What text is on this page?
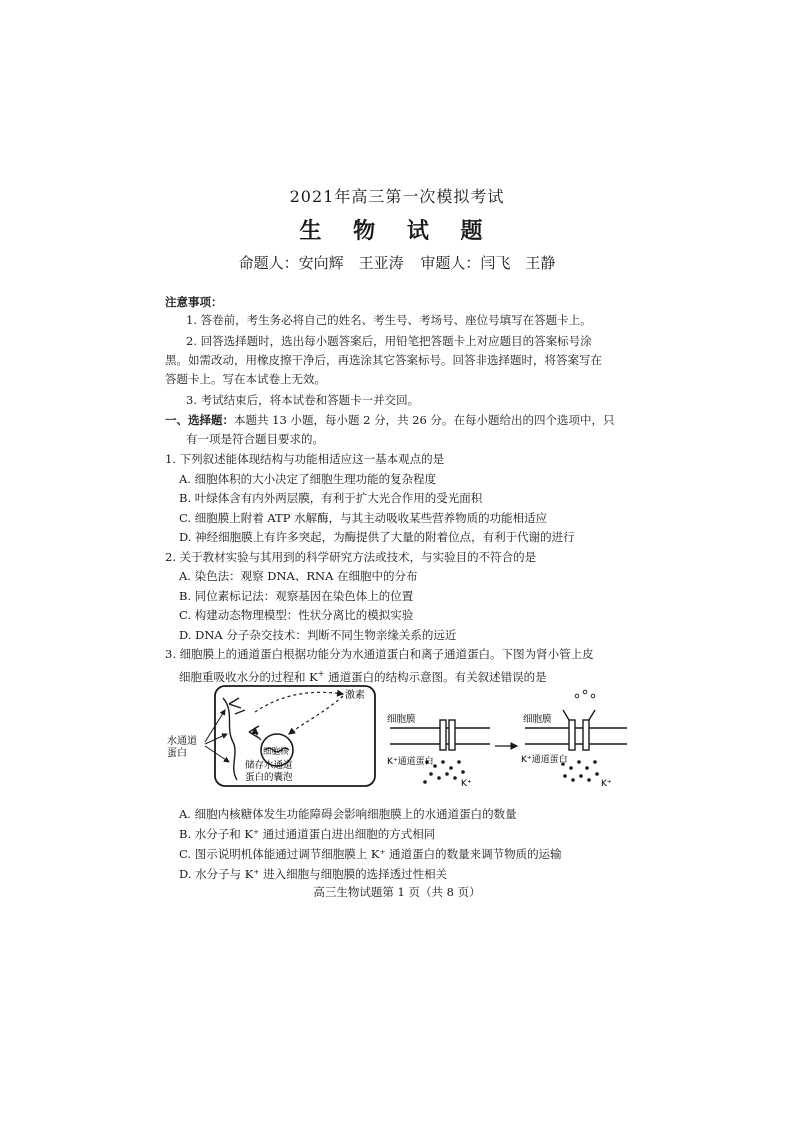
2021年高三第一次模拟考试
生 物 试 题
命题人：安向辉　王亚涛 审题人：闫飞　王静
注意事项：
1. 答卷前，考生务必将自己的姓名、考生号、考场号、座位号填写在答题卡上。
2. 回答选择题时，选出每小题答案后，用铅笔把答题卡上对应题目的答案标号涂
黑。如需改动，用橡皮擦干净后，再选涂其它答案标号。回答非选择题时，将答案写在
答题卡上。写在本试卷上无效。
3. 考试结束后，将本试卷和答题卡一并交回。
一、选择题：本题共 13 小题，每小题 2 分，共 26 分。在每小题给出的四个选项中，只
有一项是符合题目要求的。
1. 下列叙述能体现结构与功能相适应这一基本观点的是
A. 细胞体积的大小决定了细胞生理功能的复杂程度
B. 叶绿体含有内外两层膜，有利于扩大光合作用的受光面积
C. 细胞膜上附着 ATP 水解酶，与其主动吸收某些营养物质的功能相适应
D. 神经细胞膜上有许多突起，为酶提供了大量的附着位点，有利于代谢的进行
2. 关于教材实验与其用到的科学研究方法或技术，与实验目的不符合的是
A. 染色法：观察 DNA、RNA 在细胞中的分布
B. 同位素标记法：观察基因在染色体上的位置
C. 构建动态物理模型：性状分离比的模拟实验
D. DNA 分子杂交技术：判断不同生物亲缘关系的远近
3. 细胞膜上的通道蛋白根据功能分为水通道蛋白和离子通道蛋白。下图为肾小管上皮
细胞重吸收水分的过程和 K+ 通道蛋白的结构示意图。有关叙述错误的是
水通道
蛋白
激素
细胞核
储存水通道
蛋白的囊泡
细胞膜
K⁺通道蛋白
K⁺
细胞膜
K⁺通道蛋白
K⁺
A. 细胞内核糖体发生功能障碍会影响细胞膜上的水通道蛋白的数量
B. 水分子和 K⁺ 通过通道蛋白进出细胞的方式相同
C. 图示说明机体能通过调节细胞膜上 K⁺ 通道蛋白的数量来调节物质的运输
D. 水分子与 K⁺ 进入细胞与细胞膜的选择透过性相关
高三生物试题第 1 页（共 8 页）
